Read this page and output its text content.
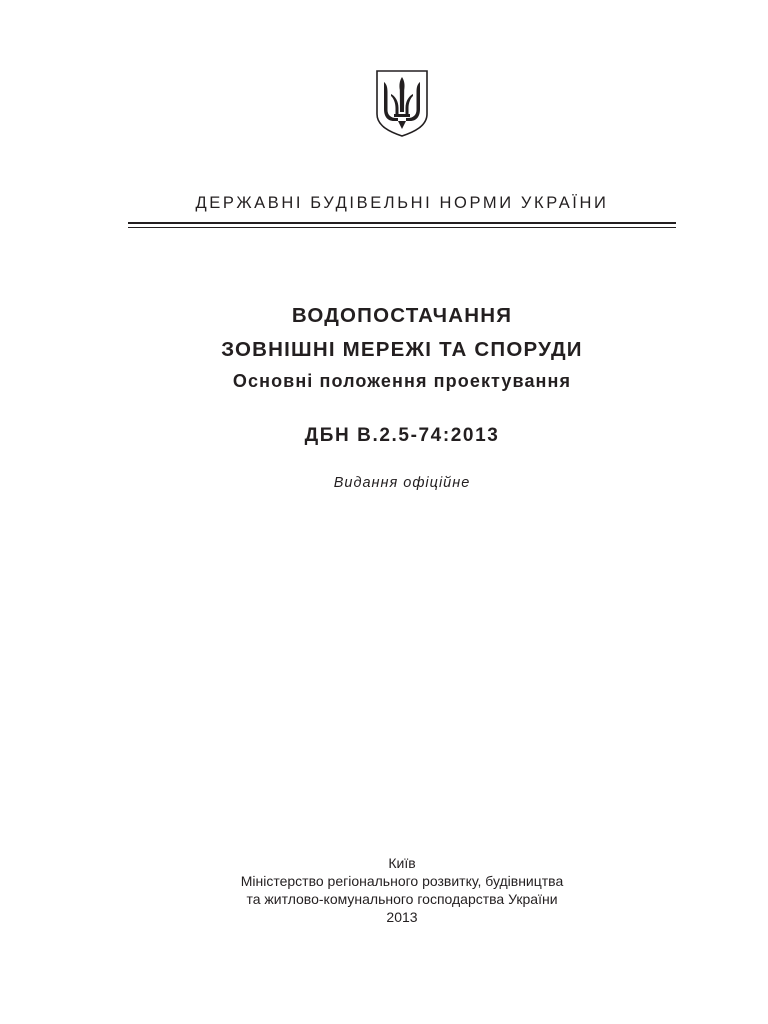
ДЕРЖАВНІ БУДІВЕЛЬНІ НОРМИ УКРАЇНИ
ВОДОПОСТАЧАННЯ
ЗОВНІШНІ МЕРЕЖІ ТА СПОРУДИ
Основні положення проектування
ДБН В.2.5-74:2013
Видання офіційне
Київ
Міністерство регіонального розвитку, будівництва
та житлово-комунального господарства України
2013
